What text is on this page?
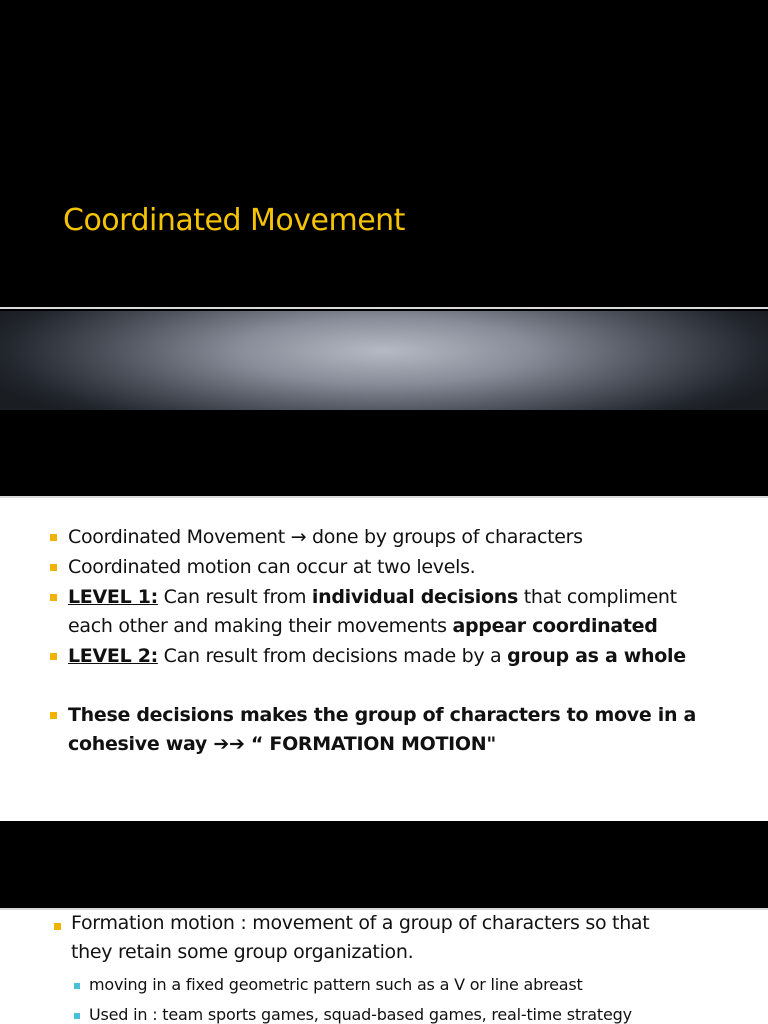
Coordinated Movement
COORDINATED MOVEMENT
Coordinated Movement → done by groups of characters
Coordinated motion can occur at two levels.
LEVEL 1: Can result from individual decisions that compliment
each other and making their movements appear coordinated
LEVEL 2: Can result from decisions made by a group as a whole
These decisions makes the group of characters to move in a
cohesive way ➔➔ “ FORMATION MOTION"
Formation motion : movement of a group of characters so that
they retain some group organization.
moving in a fixed geometric pattern such as a V or line abreast
Used in : team sports games, squad-based games, real-time strategy
